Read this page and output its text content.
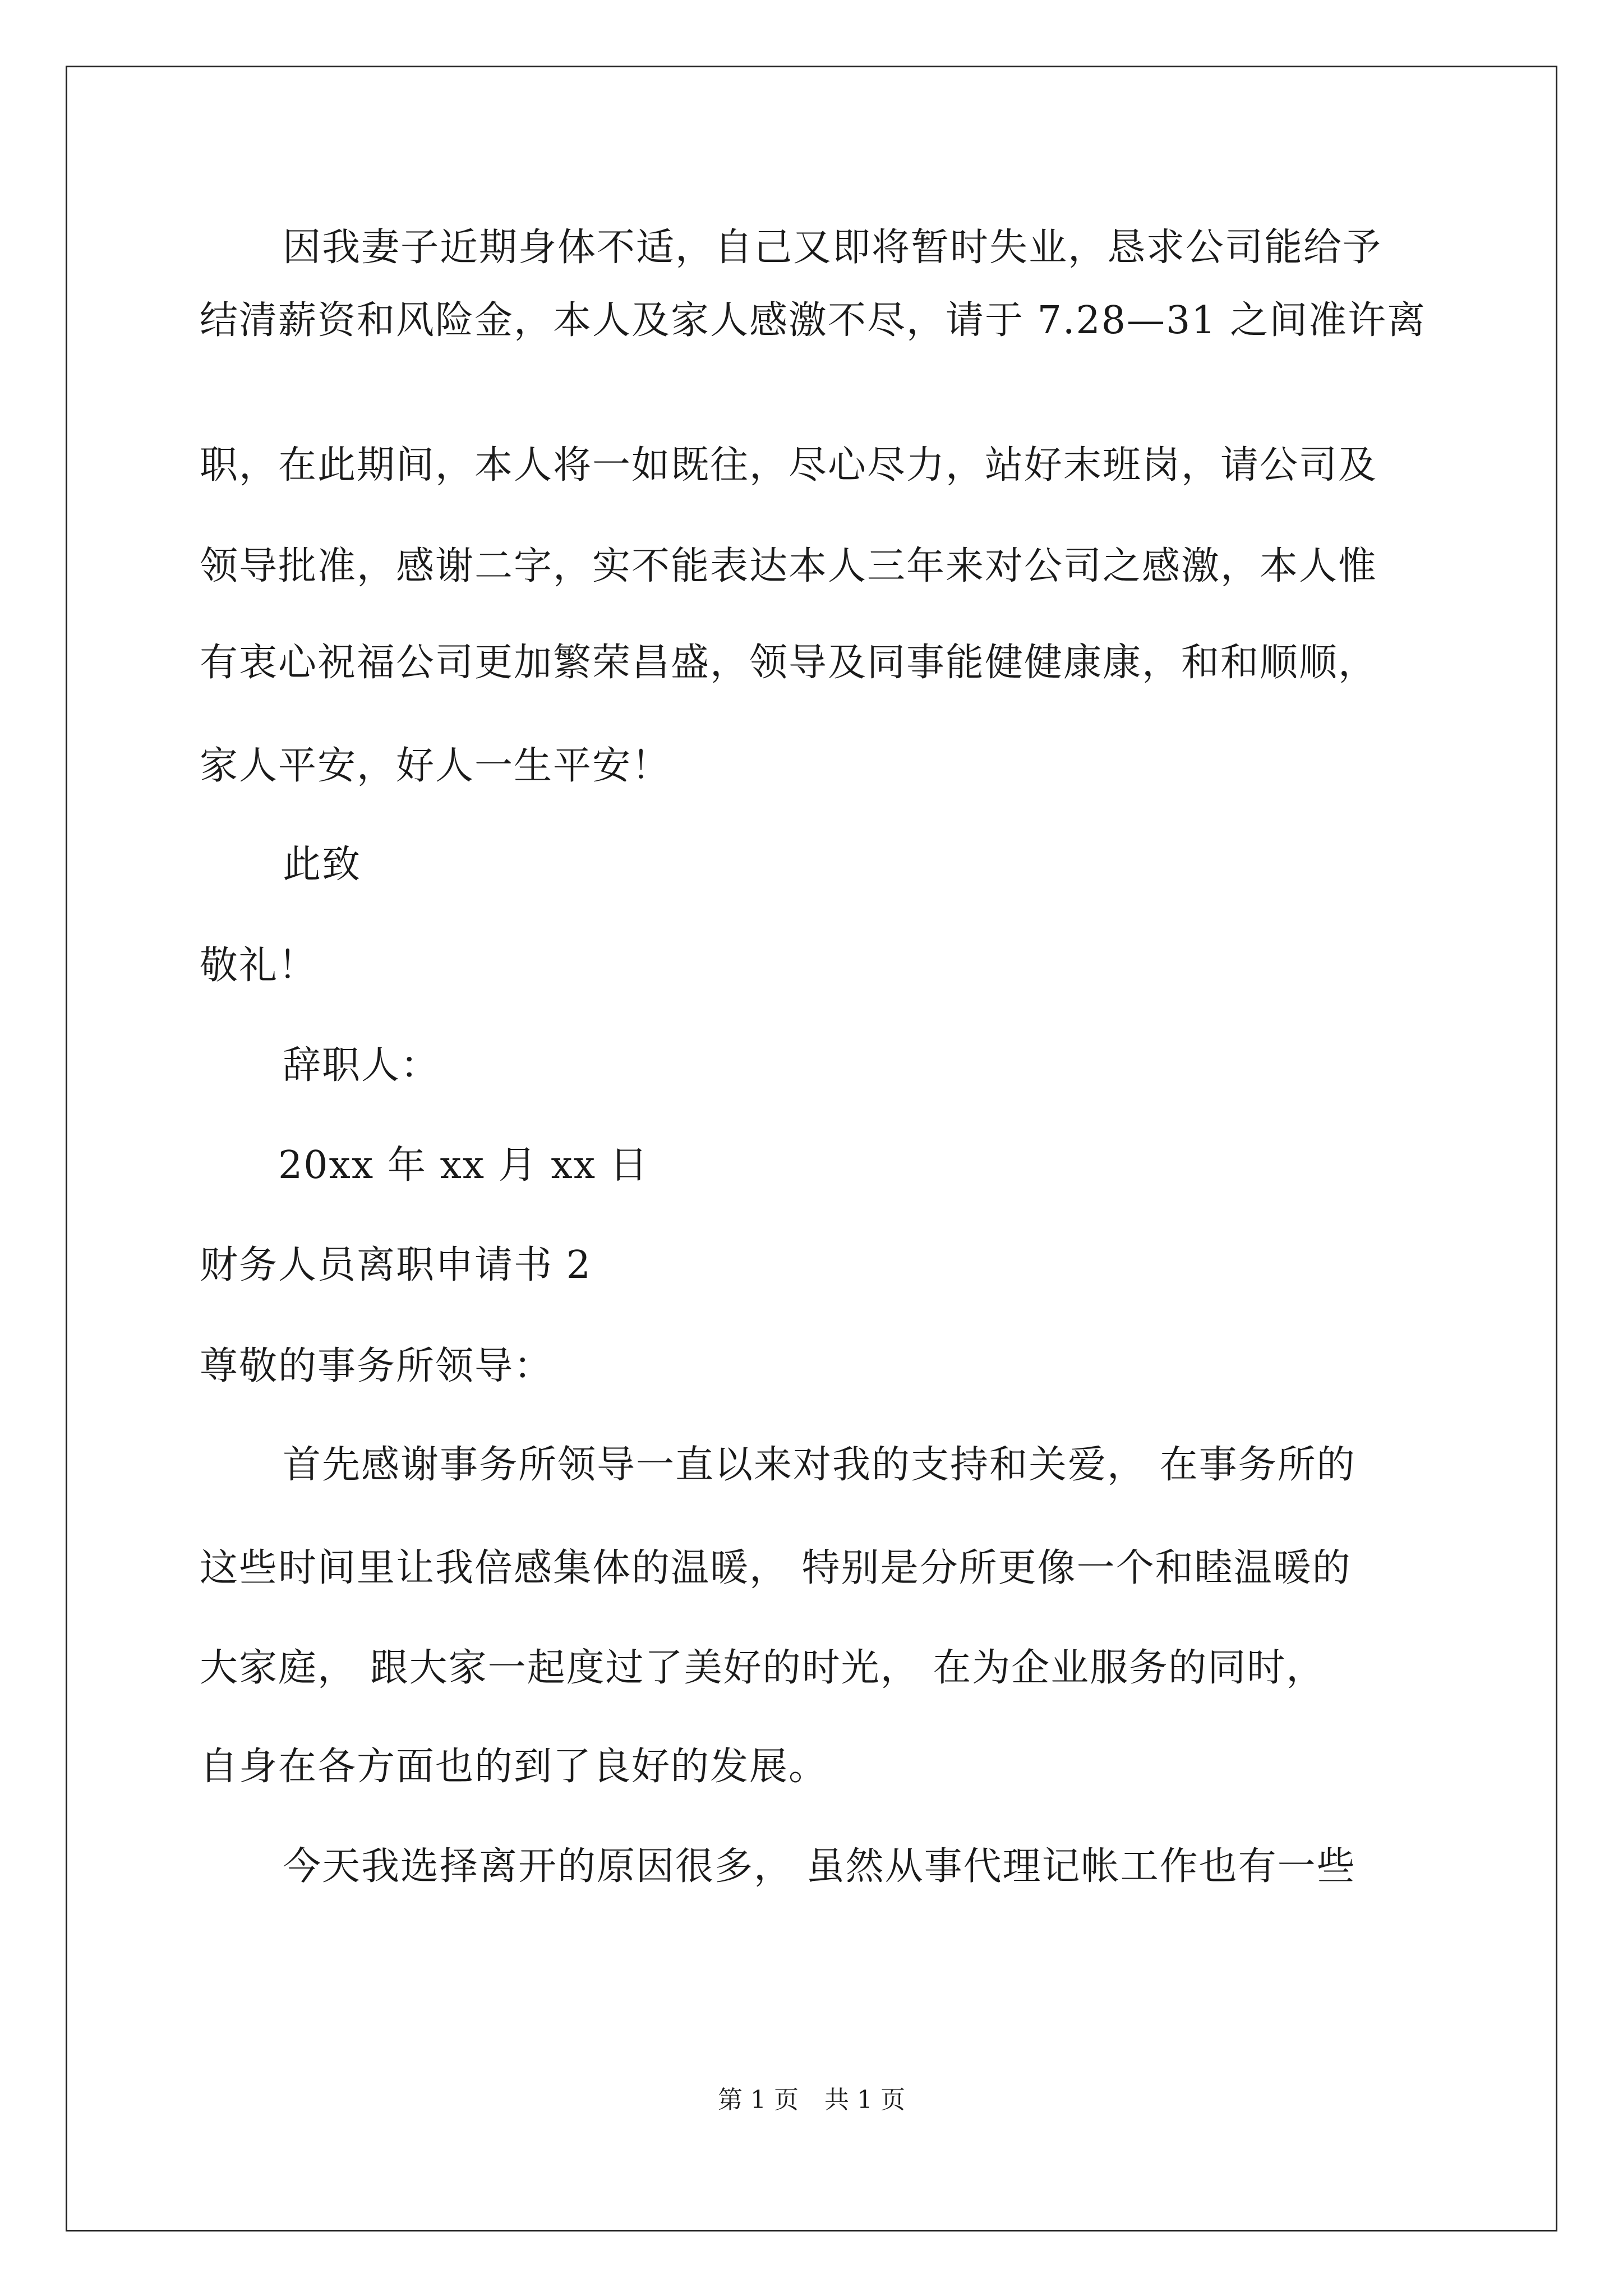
因我妻子近期身体不适，自己又即将暂时失业，恳求公司能给予
结清薪资和风险金，本人及家人感激不尽，请于 7.28—31 之间准许离
职，在此期间，本人将一如既往，尽心尽力，站好末班岗，请公司及
领导批准，感谢二字，实不能表达本人三年来对公司之感激，本人惟
有衷心祝福公司更加繁荣昌盛，领导及同事能健健康康，和和顺顺，
家人平安，好人一生平安！
此致
敬礼！
辞职人：
20xx 年 xx 月 xx 日
财务人员离职申请书 2
尊敬的事务所领导：
首先感谢事务所领导一直以来对我的支持和关爱， 在事务所的
这些时间里让我倍感集体的温暖， 特别是分所更像一个和睦温暖的
大家庭， 跟大家一起度过了美好的时光， 在为企业服务的同时，
自身在各方面也的到了良好的发展。
今天我选择离开的原因很多， 虽然从事代理记帐工作也有一些
第 1 页 共 1 页
